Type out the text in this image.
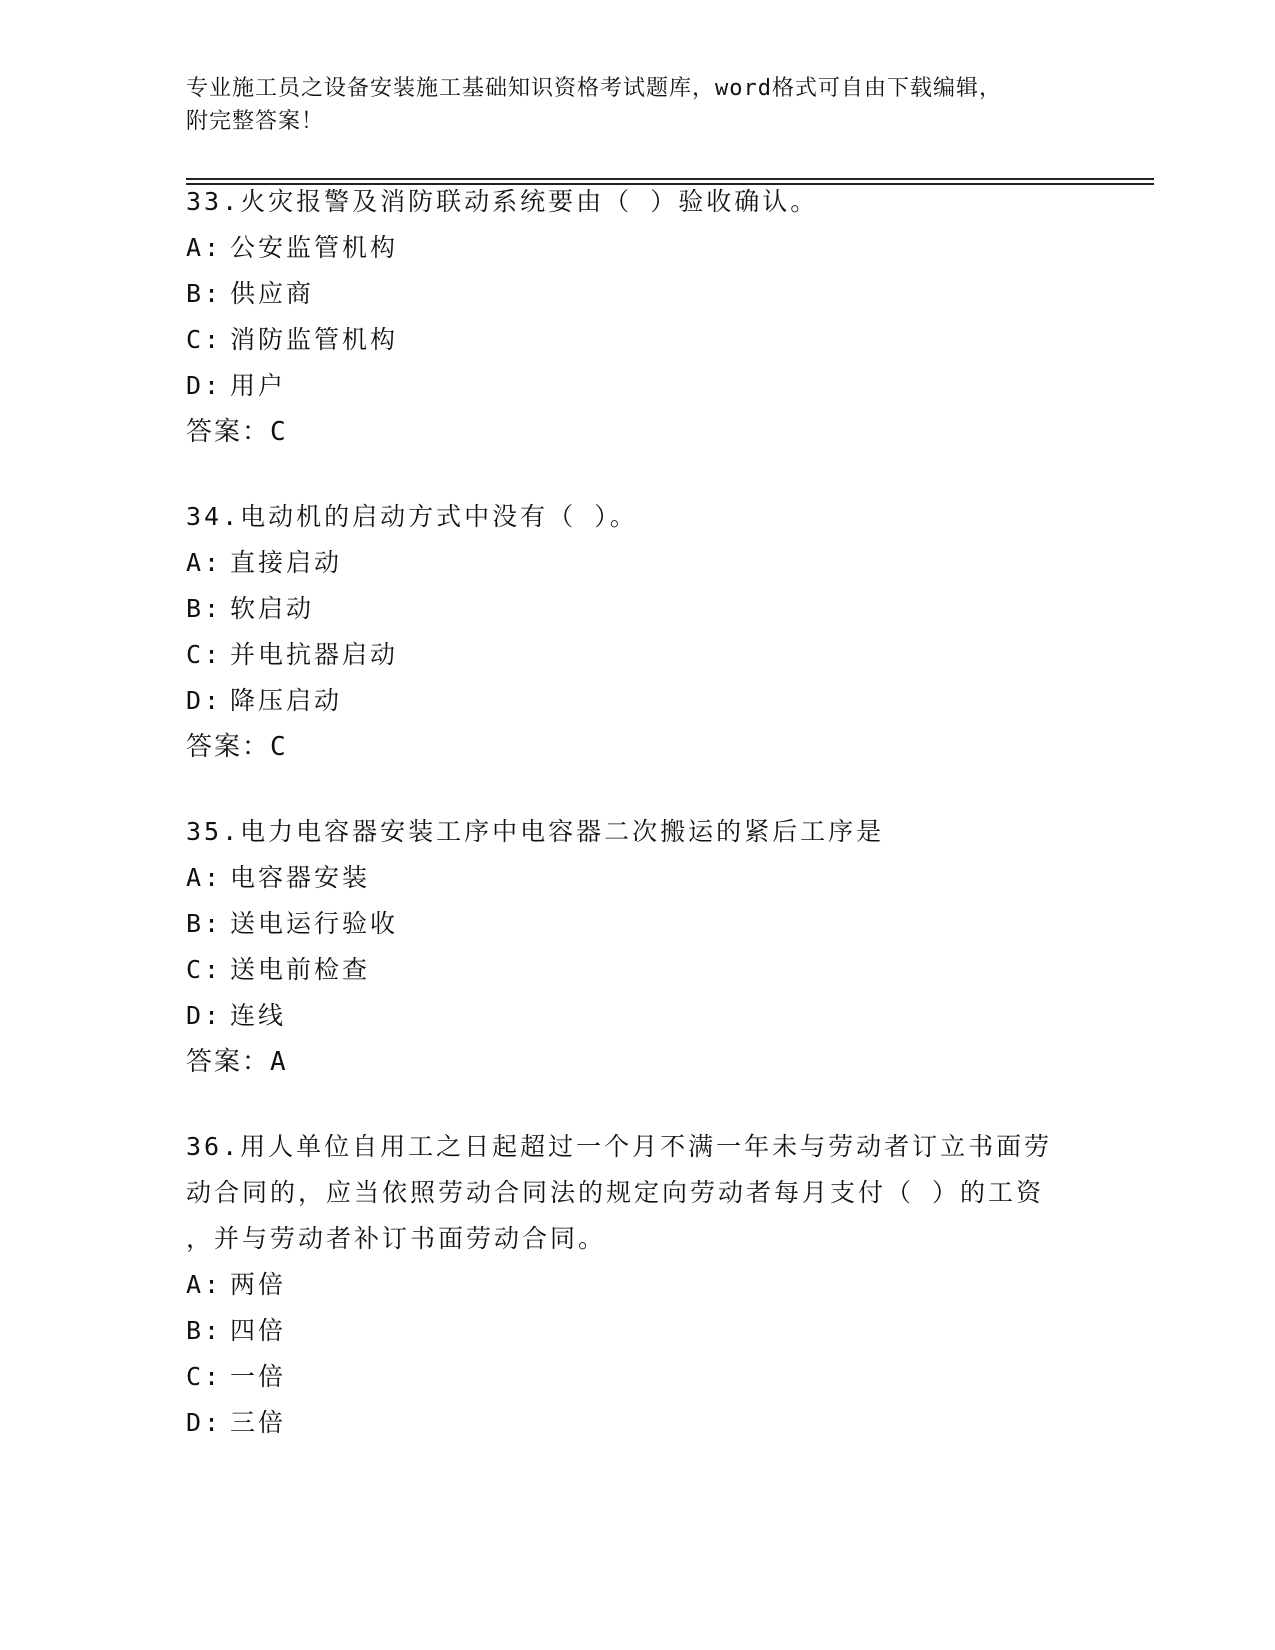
专业施工员之设备安装施工基础知识资格考试题库，word格式可自由下载编辑，
附完整答案！
33.火灾报警及消防联动系统要由（ ）验收确认。
A: 公安监管机构
B: 供应商
C: 消防监管机构
D: 用户
答案：C
34.电动机的启动方式中没有（ ）。
A: 直接启动
B: 软启动
C: 并电抗器启动
D: 降压启动
答案：C
35.电力电容器安装工序中电容器二次搬运的紧后工序是
A: 电容器安装
B: 送电运行验收
C: 送电前检查
D: 连线
答案：A
36.用人单位自用工之日起超过一个月不满一年未与劳动者订立书面劳
动合同的，应当依照劳动合同法的规定向劳动者每月支付（ ）的工资
，并与劳动者补订书面劳动合同。
A: 两倍
B: 四倍
C: 一倍
D: 三倍
